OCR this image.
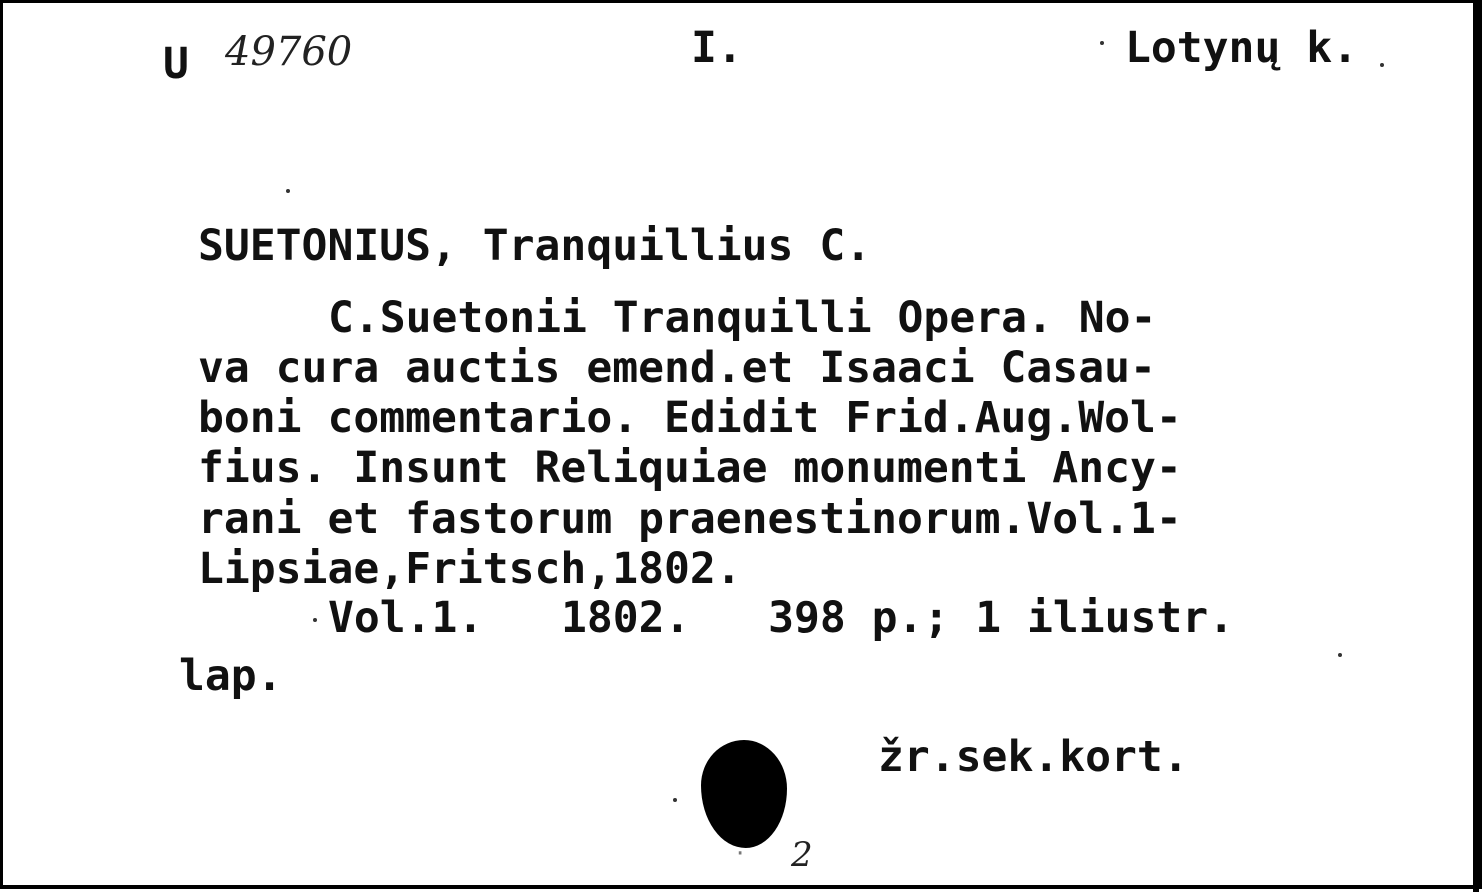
U 49760	I.	Lotynų k.
SUETONIUS, Tranquillius C.
C.Suetonii Tranquilli Opera. No-
va cura auctis emend.et Isaaci Casau-
boni commentario. Edidit Frid.Aug.Wol-
fius. Insunt Reliquiae monumenti Ancy-
rani et fastorum praenestinorum.Vol.1-
Lipsiae,Fritsch,1802.
Vol.1.   1802.   398 p.; 1 iliustr.
lap.
žr.sek.kort.
· 2
